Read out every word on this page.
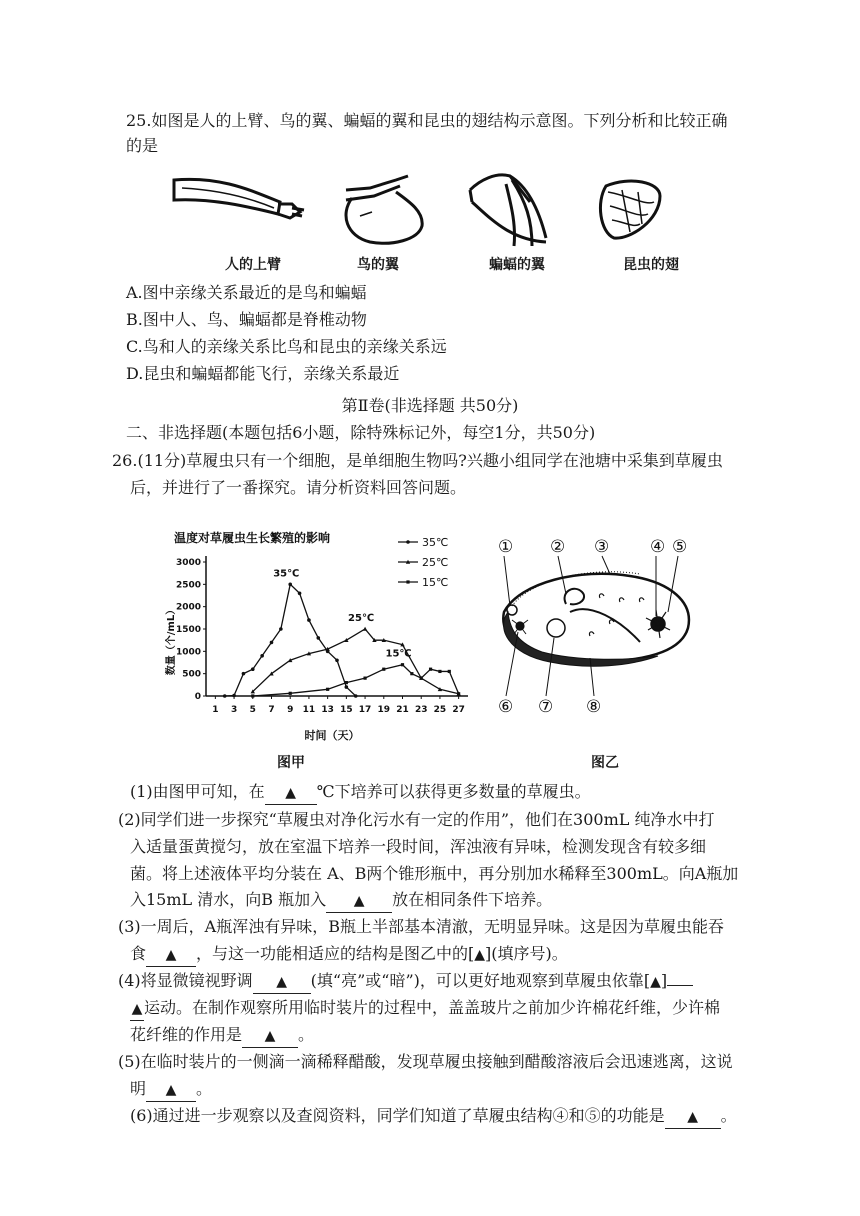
25.如图是人的上臂、鸟的翼、蝙蝠的翼和昆虫的翅结构示意图。下列分析和比较正确
的是
人的上臂	鸟的翼	蝙蝠的翼	昆虫的翅
A.图中亲缘关系最近的是鸟和蝙蝠
B.图中人、鸟、蝙蝠都是脊椎动物
C.鸟和人的亲缘关系比鸟和昆虫的亲缘关系远
D.昆虫和蝙蝠都能飞行，亲缘关系最近
第Ⅱ卷(非选择题 共50分)
二、非选择题(本题包括6小题，除特殊标记外，每空1分，共50分)
26.(11分)草履虫只有一个细胞，是单细胞生物吗?兴趣小组同学在池塘中采集到草履虫
后，并进行了一番探究。请分析资料回答问题。
温度对草履虫生长繁殖的影响
0
500
1000
1500
2000
2500
3000
1 3 5 7 9 11 13 15 17 19 21 23 25 27
35℃
25℃
15℃
35℃
25℃
15℃
数量（个/mL）
时间（天）
① ② ③ ④ ⑤
⑥ ⑦ ⑧
图甲	图乙
(1)由图甲可知，在 ▲ ℃下培养可以获得更多数量的草履虫。
(2)同学们进一步探究“草履虫对净化污水有一定的作用”，他们在300mL 纯净水中打
入适量蛋黄搅匀，放在室温下培养一段时间，浑浊液有异味，检测发现含有较多细
菌。将上述液体平均分装在 A、B两个锥形瓶中，再分别加水稀释至300mL。向A瓶加
入15mL 清水，向B 瓶加入 ▲ 放在相同条件下培养。
(3)一周后，A瓶浑浊有异味，B瓶上半部基本清澈，无明显异味。这是因为草履虫能吞
食 ▲ ，与这一功能相适应的结构是图乙中的[▲](填序号)。
(4)将显微镜视野调 ▲ (填“亮”或“暗”)，可以更好地观察到草履虫依靠[▲]
▲ 运动。在制作观察所用临时装片的过程中，盖盖玻片之前加少许棉花纤维，少许棉
花纤维的作用是 ▲ 。
(5)在临时装片的一侧滴一滴稀释醋酸，发现草履虫接触到醋酸溶液后会迅速逃离，这说
明 ▲ 。
(6)通过进一步观察以及查阅资料，同学们知道了草履虫结构④和⑤的功能是 ▲ 。
